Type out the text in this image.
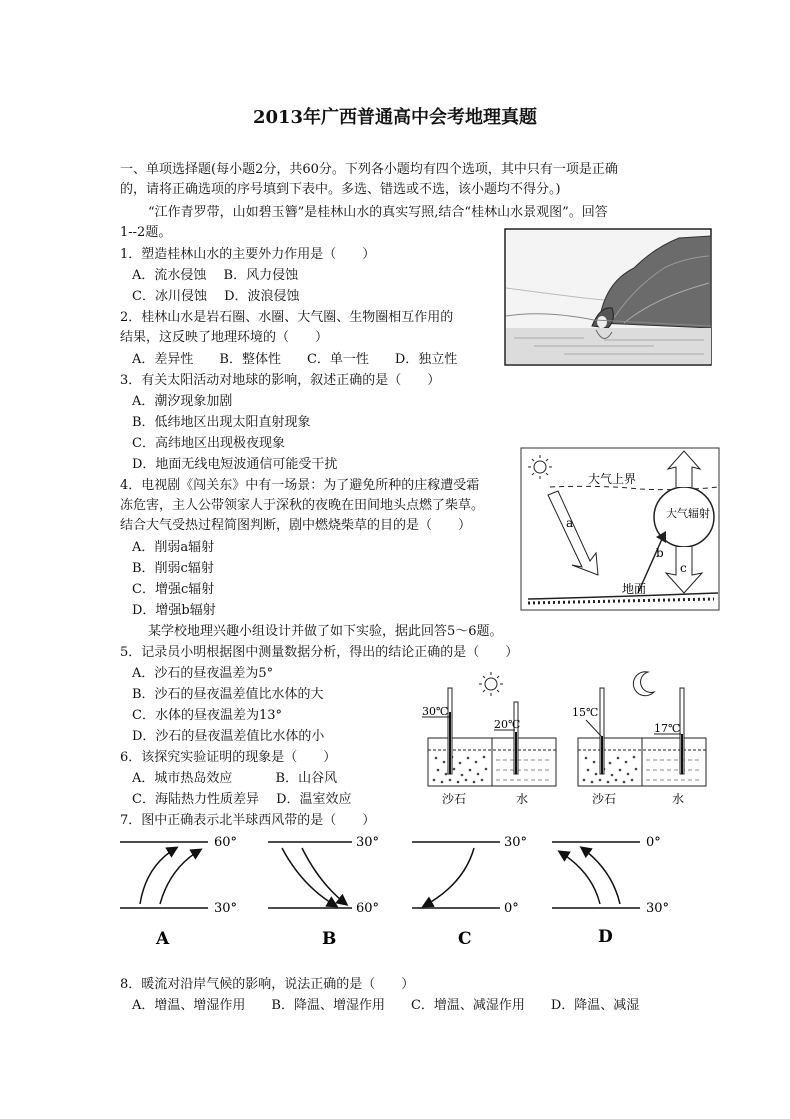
2013年广西普通高中会考地理真题
一、单项选择题(每小题2分，共60分。下列各小题均有四个选项，其中只有一项是正确
的，请将正确选项的序号填到下表中。多选、错选或不选，该小题均不得分。)
“江作青罗带，山如碧玉簪”是桂林山水的真实写照,结合“桂林山水景观图”。回答
1--2题。
1．塑造桂林山水的主要外力作用是（　　）
A．流水侵蚀　 B．风力侵蚀
C．冰川侵蚀　 D．波浪侵蚀
2．桂林山水是岩石圈、水圈、大气圈、生物圈相互作用的
结果，这反映了地理环境的（　　）
A．差异性　　B．整体性　　C．单一性　　D．独立性
3．有关太阳活动对地球的影响，叙述正确的是（　　）
A．潮汐现象加剧
B．低纬地区出现太阳直射现象
C．高纬地区出现极夜现象
D．地面无线电短波通信可能受干扰
4．电视剧《闯关东》中有一场景：为了避免所种的庄稼遭受霜
冻危害，主人公带领家人于深秋的夜晚在田间地头点燃了柴草。
结合大气受热过程简图判断，剧中燃烧柴草的目的是（　　）
A．削弱a辐射
B．削弱c辐射
C．增强c辐射
D．增强b辐射
某学校地理兴趣小组设计并做了如下实验，据此回答5～6题。
5．记录员小明根据图中测量数据分析，得出的结论正确的是（　　）
A．沙石的昼夜温差为5°
B．沙石的昼夜温差值比水体的大
C．水体的昼夜温差为13°
D．沙石的昼夜温差值比水体的小
6．该探究实验证明的现象是（　　）
A．城市热岛效应　　　 B．山谷风
C．海陆热力性质差异　 D．温室效应
7．图中正确表示北半球西风带的是（　　）
8．暖流对沿岸气候的影响，说法正确的是（　　）
A．增温、增湿作用　　B．降温、增湿作用　　C．增温、减湿作用　　D．降温、减湿
大气上界
a
大气辐射
c
b
地面
30℃
20℃
沙石	水
15℃
17℃
沙石	水
60°
30°
A
30°
60°
B
30°
0°
C
0°
30°
D
